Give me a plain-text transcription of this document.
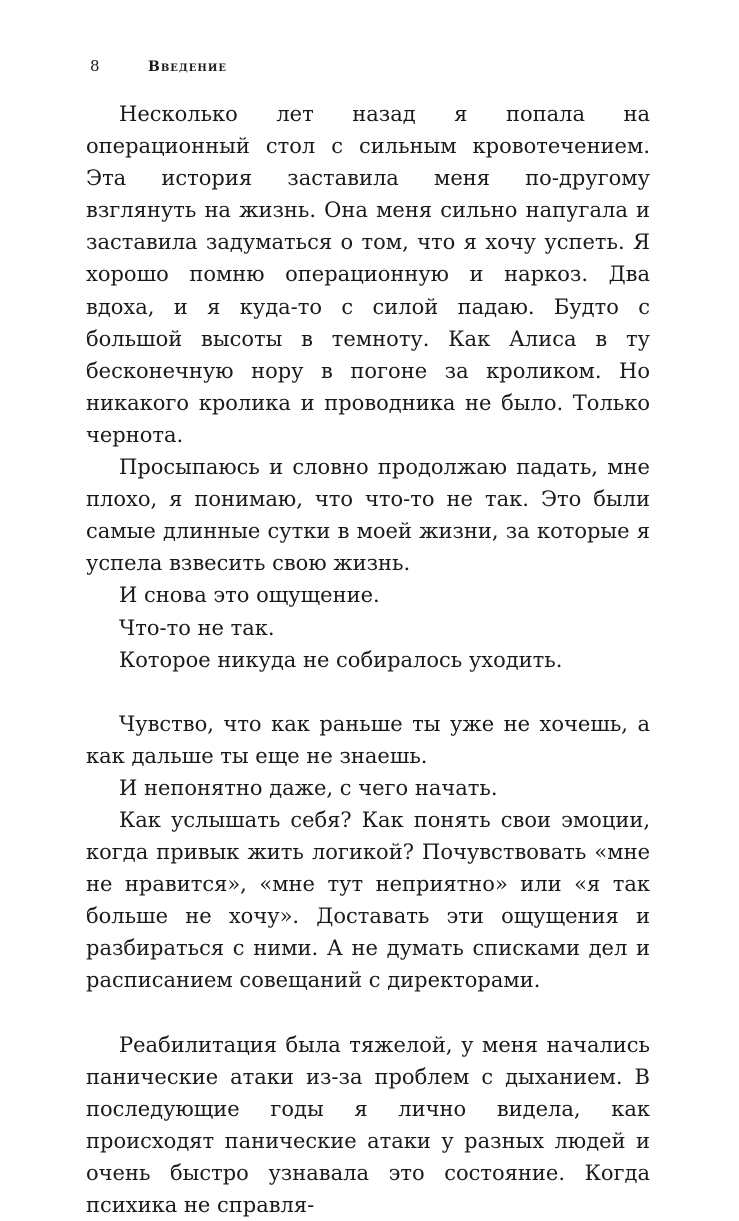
8	Введение

Несколько лет назад я попала на операционный стол с сильным кровотечением. Эта история заставила меня по-другому взглянуть на жизнь. Она меня сильно напугала и заставила задуматься о том, что я хочу успеть. Я хорошо помню операционную и наркоз. Два вдоха, и я куда-то с силой падаю. Будто с большой высоты в темноту. Как Алиса в ту бесконечную нору в погоне за кроликом. Но никакого кролика и проводника не было. Только чернота.

Просыпаюсь и словно продолжаю падать, мне плохо, я понимаю, что что-то не так. Это были самые длинные сутки в моей жизни, за которые я успела взвесить свою жизнь.

И снова это ощущение.

Что-то не так.

Которое никуда не собиралось уходить.

Чувство, что как раньше ты уже не хочешь, а как дальше ты еще не знаешь.

И непонятно даже, с чего начать.

Как услышать себя? Как понять свои эмоции, когда привык жить логикой? Почувствовать «мне не нравится», «мне тут неприятно» или «я так больше не хочу». Доставать эти ощущения и разбираться с ними. А не думать списками дел и расписанием совещаний с директорами.

Реабилитация была тяжелой, у меня начались панические атаки из-за проблем с дыханием. В последующие годы я лично видела, как происходят панические атаки у разных людей и очень быстро узнавала это состояние. Когда психика не справля-
